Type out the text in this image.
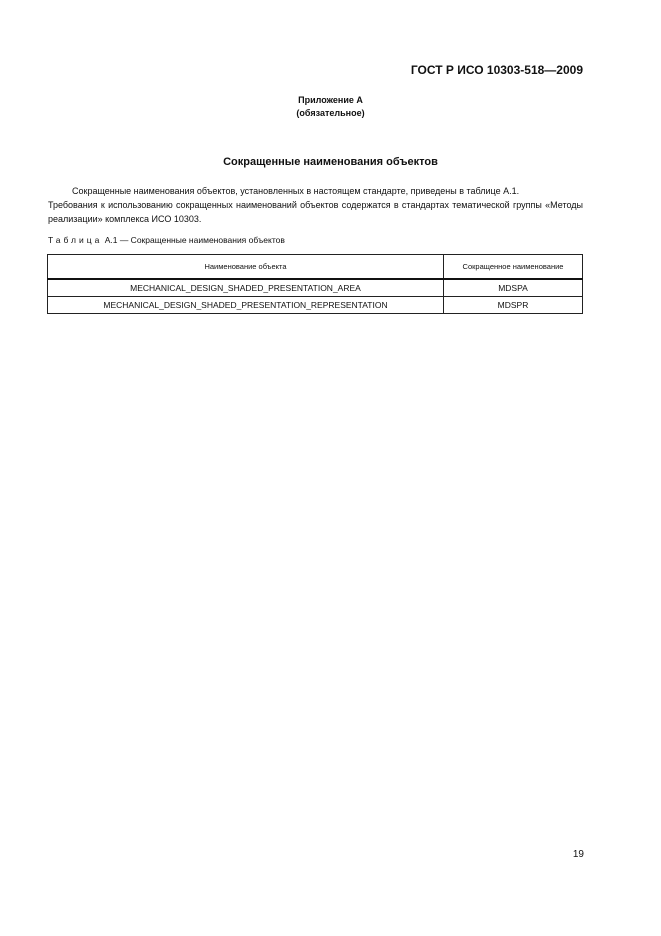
ГОСТ Р ИСО 10303-518—2009
Приложение А
(обязательное)
Сокращенные наименования объектов

Сокращенные наименования объектов, установленных в настоящем стандарте, приведены в таблице А.1.

Требования к использованию сокращенных наименований объектов содержатся в стандартах тематической группы «Методы реализации» комплекса ИСО 10303.

Таблица А.1 — Сокращенные наименования объектов
Наименование объекта	Сокращенное наименование
MECHANICAL_DESIGN_SHADED_PRESENTATION_AREA	MDSPA
MECHANICAL_DESIGN_SHADED_PRESENTATION_REPRESENTATION	MDSPR
19
